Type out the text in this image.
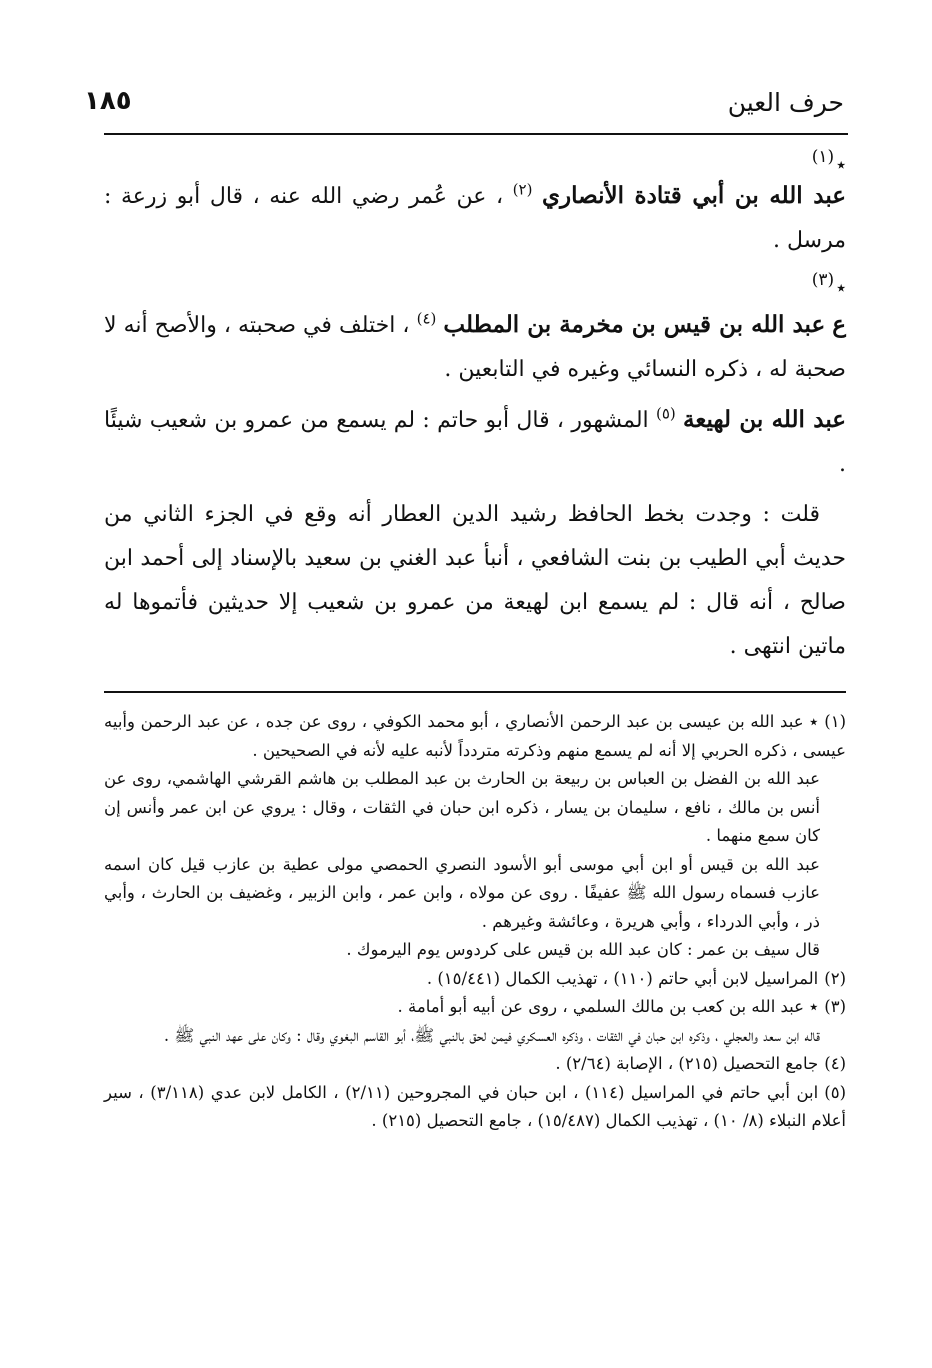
١٨٥	حرف العين
٭$^{(١)}$

عبد الله بن أبي قتادة الأنصاري $^{(٢)}$ ، عن عُمر رضي الله عنه ، قال أبو زرعة : مرسل .

٭$^{(٣)}$

ع عبد الله بن قيس بن مخرمة بن المطلب $^{(٤)}$ ، اختلف في صحبته ، والأصح أنه لا صحبة له ، ذكره النسائي وغيره في التابعين .

عبد الله بن لهيعة $^{(٥)}$ المشهور ، قال أبو حاتم : لم يسمع من عمرو بن شعيب شيئًا .

قلت : وجدت بخط الحافظ رشيد الدين العطار أنه وقع في الجزء الثاني من حديث أبي الطيب بن بنت الشافعي ، أنبأ عبد الغني بن سعيد بالإسناد إلى أحمد ابن صالح ، أنه قال : لم يسمع ابن لهيعة من عمرو بن شعيب إلا حديثين فأتموها له ماتين انتهى .

(١)٭ عبد الله بن عيسى بن عبد الرحمن الأنصاري ، أبو محمد الكوفي ، روى عن جده ، عن عبد الرحمن وأبيه عيسى ، ذكره الحربي إلا أنه لم يسمع منهم وذكرته متردداً لأنبه عليه لأنه في الصحيحين .

عبد الله بن الفضل بن العباس بن ربيعة بن الحارث بن عبد المطلب بن هاشم القرشي الهاشمي، روى عن أنس بن مالك ، نافع ، سليمان بن يسار ، ذكره ابن حبان في الثقات ، وقال : يروي عن ابن عمر وأنس إن كان سمع منهما .

عبد الله بن قيس أو ابن أبي موسى أبو الأسود النصري الحمصي مولى عطية بن عازب قيل كان اسمه عازب فسماه رسول الله ﷺ عفيفًا . روى عن مولاه ، وابن عمر ، وابن الزبير ، وغضيف بن الحارث ، وأبي ذر ، وأبي الدرداء ، وأبي هريرة ، وعائشة وغيرهم .

قال سيف بن عمر : كان عبد الله بن قيس على كردوس يوم اليرموك .

(٢)المراسيل لابن أبي حاتم (١١٠) ، تهذيب الكمال (١٥/٤٤١) .

(٣)٭ عبد الله بن كعب بن مالك السلمي ، روى عن أبيه أبو أمامة .

قاله ابن سعد والعجلي ، وذكره ابن حبان في الثقات ، وذكره العسكري فيمن لحق بالنبي ﷺ، أبو القاسم البغوي وقال : وكان على عهد النبي ﷺ .

(٤)جامع التحصيل (٢١٥) ، الإصابة (٢/٦٤) .

(٥)ابن أبي حاتم في المراسيل (١١٤) ، ابن حبان في المجروحين (٢/١١) ، الكامل لابن عدي (٣/١١٨) ، سير أعلام النبلاء (٨/ ١٠) ، تهذيب الكمال (١٥/٤٨٧) ، جامع التحصيل (٢١٥) .
